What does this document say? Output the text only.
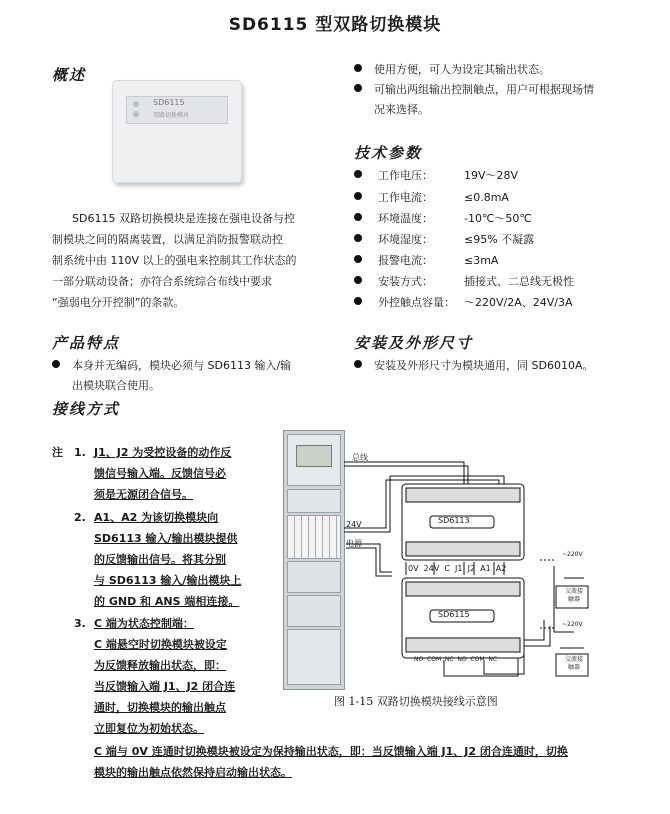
SD6115 型双路切换模块
概述
SD6115
双路切换模块
SD6115 双路切换模块是连接在强电设备与控
制模块之间的隔离装置，以满足消防报警联动控
制系统中由 110V 以上的强电来控制其工作状态的
一部分联动设备；亦符合系统综合布线中要求
“强弱电分开控制”的条款。
使用方便，可人为设定其输出状态。
可输出两组输出控制触点，用户可根据现场情
况来选择。
技术参数
工作电压：	19V～28V
工作电流：	≤0.8mA
环境温度：	-10℃～50℃
环境湿度：	≤95% 不凝露
报警电流：	≤3mA
安装方式：	插接式、二总线无极性
外控触点容量： ～220V/2A、24V/3A
产品特点
本身并无编码，模块必须与 SD6113 输入/输
出模块联合使用。
安装及外形尺寸
安装及外形尺寸为模块通用，同 SD6010A。
接线方式
注 1. J1、J2 为受控设备的动作反
馈信号输入端。反馈信号必
须是无源闭合信号。
2. A1、A2 为该切换模块向
SD6113 输入/输出模块提供
的反馈输出信号。将其分别
与 SD6113 输入/输出模块上
的 GND 和 ANS 端相连接。
3. C 端为状态控制端：
C 端悬空时切换模块被设定
为反馈释放输出状态，即：
当反馈输入端 J1、J2 闭合连
通时，切换模块的输出触点
立即复位为初始状态。
C 端与 0V 连通时切换模块被设定为保持输出状态，即：当反馈输入端 J1、J2 闭合连通时，切换
模块的输出触点依然保持启动输出状态。
总线
24V
电源
SD6113
SD6115
0V  24V  C  J1  J2  A1  A2
NO  COM  NC  NO  COM  NC
~220V
~220V
交流接
触器
交流接
触器
图 1-15 双路切换模块接线示意图
